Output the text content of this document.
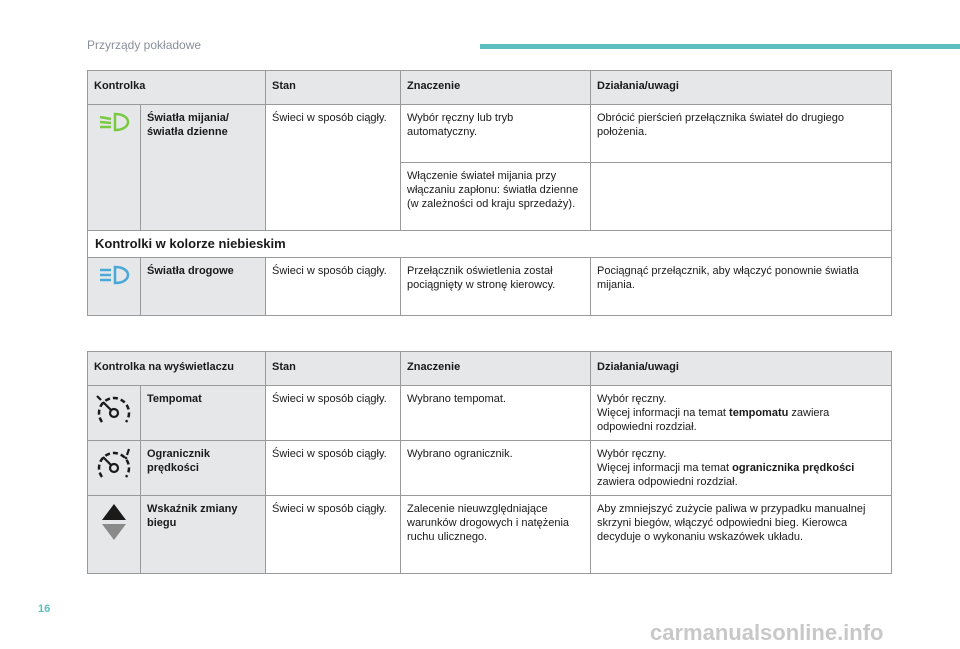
Przyrządy pokładowe
Kontrolka		Stan	Znaczenie	Działania/uwagi

	Światła mijania/ światła dzienne	Świeci w sposób ciągły.	Wybór ręczny lub tryb automatyczny.	Obrócić pierścień przełącznika świateł do drugiego położenia.
			Włączenie świateł mijania przy włączaniu zapłonu: światła dzienne (w zależności od kraju sprzedaży).	
Kontrolki w kolorze niebieskim				

	Światła drogowe	Świeci w sposób ciągły.	Przełącznik oświetlenia został pociągnięty w stronę kierowcy.	Pociągnąć przełącznik, aby włączyć ponownie światła mijania.
Kontrolka na wyświetlaczu		Stan	Znaczenie	Działania/uwagi

	Tempomat	Świeci w sposób ciągły.	Wybrano tempomat.	Wybór ręczny.
Więcej informacji na temat tempomatu zawiera odpowiedni rozdział.

	Ogranicznik prędkości	Świeci w sposób ciągły.	Wybrano ogranicznik.	Wybór ręczny.
Więcej informacji ma temat ogranicznika prędkości zawiera odpowiedni rozdział.

	Wskaźnik zmiany biegu	Świeci w sposób ciągły.	Zalecenie nieuwzględniające warunków drogowych i natężenia ruchu ulicznego.	Aby zmniejszyć zużycie paliwa w przypadku manualnej skrzyni biegów, włączyć odpowiedni bieg. Kierowca decyduje o wykonaniu wskazówek układu.
16
carmanualsonline.info
